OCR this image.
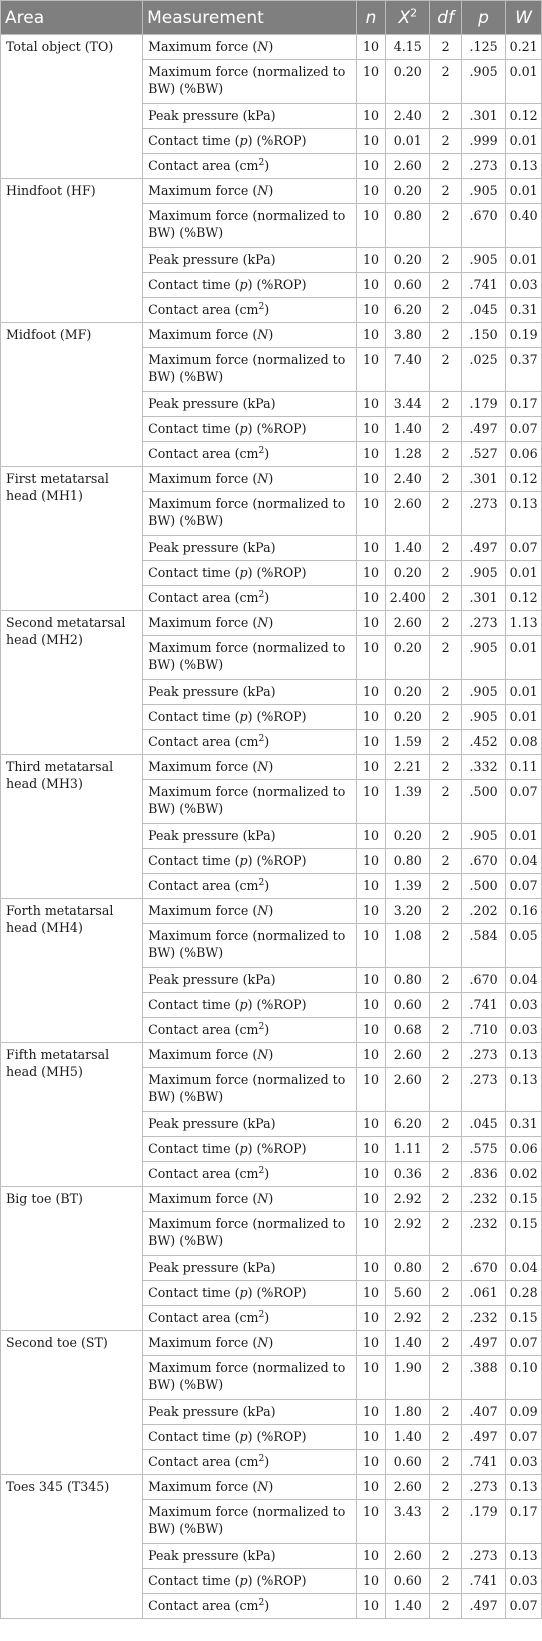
Area	Measurement	n	$X^2$	df	p	W
Total object (TO)	Maximum force (N)	10	4.15	2	.125	0.21
	Maximum force (normalized to BW) (%BW)	10	0.20	2	.905	0.01
	Peak pressure (kPa)	10	2.40	2	.301	0.12
	Contact time (p) (%ROP)	10	0.01	2	.999	0.01
	Contact area $(cm^2)$	10	2.60	2	.273	0.13
Hindfoot (HF)	Maximum force (N)	10	0.20	2	.905	0.01
	Maximum force (normalized to BW) (%BW)	10	0.80	2	.670	0.40
	Peak pressure (kPa)	10	0.20	2	.905	0.01
	Contact time (p) (%ROP)	10	0.60	2	.741	0.03
	Contact area $(cm^2)$	10	6.20	2	.045	0.31
Midfoot (MF)	Maximum force (N)	10	3.80	2	.150	0.19
	Maximum force (normalized to BW) (%BW)	10	7.40	2	.025	0.37
	Peak pressure (kPa)	10	3.44	2	.179	0.17
	Contact time (p) (%ROP)	10	1.40	2	.497	0.07
	Contact area $(cm^2)$	10	1.28	2	.527	0.06
First metatarsal head (MH1)	Maximum force (N)	10	2.40	2	.301	0.12
	Maximum force (normalized to BW) (%BW)	10	2.60	2	.273	0.13
	Peak pressure (kPa)	10	1.40	2	.497	0.07
	Contact time (p) (%ROP)	10	0.20	2	.905	0.01
	Contact area $(cm^2)$	10	2.400	2	.301	0.12
Second metatarsal head (MH2)	Maximum force (N)	10	2.60	2	.273	1.13
	Maximum force (normalized to BW) (%BW)	10	0.20	2	.905	0.01
	Peak pressure (kPa)	10	0.20	2	.905	0.01
	Contact time (p) (%ROP)	10	0.20	2	.905	0.01
	Contact area $(cm^2)$	10	1.59	2	.452	0.08
Third metatarsal head (MH3)	Maximum force (N)	10	2.21	2	.332	0.11
	Maximum force (normalized to BW) (%BW)	10	1.39	2	.500	0.07
	Peak pressure (kPa)	10	0.20	2	.905	0.01
	Contact time (p) (%ROP)	10	0.80	2	.670	0.04
	Contact area $(cm^2)$	10	1.39	2	.500	0.07
Forth metatarsal head (MH4)	Maximum force (N)	10	3.20	2	.202	0.16
	Maximum force (normalized to BW) (%BW)	10	1.08	2	.584	0.05
	Peak pressure (kPa)	10	0.80	2	.670	0.04
	Contact time (p) (%ROP)	10	0.60	2	.741	0.03
	Contact area $(cm^2)$	10	0.68	2	.710	0.03
Fifth metatarsal head (MH5)	Maximum force (N)	10	2.60	2	.273	0.13
	Maximum force (normalized to BW) (%BW)	10	2.60	2	.273	0.13
	Peak pressure (kPa)	10	6.20	2	.045	0.31
	Contact time (p) (%ROP)	10	1.11	2	.575	0.06
	Contact area $(cm^2)$	10	0.36	2	.836	0.02
Big toe (BT)	Maximum force (N)	10	2.92	2	.232	0.15
	Maximum force (normalized to BW) (%BW)	10	2.92	2	.232	0.15
	Peak pressure (kPa)	10	0.80	2	.670	0.04
	Contact time (p) (%ROP)	10	5.60	2	.061	0.28
	Contact area $(cm^2)$	10	2.92	2	.232	0.15
Second toe (ST)	Maximum force (N)	10	1.40	2	.497	0.07
	Maximum force (normalized to BW) (%BW)	10	1.90	2	.388	0.10
	Peak pressure (kPa)	10	1.80	2	.407	0.09
	Contact time (p) (%ROP)	10	1.40	2	.497	0.07
	Contact area $(cm^2)$	10	0.60	2	.741	0.03
Toes 345 (T345)	Maximum force (N)	10	2.60	2	.273	0.13
	Maximum force (normalized to BW) (%BW)	10	3.43	2	.179	0.17
	Peak pressure (kPa)	10	2.60	2	.273	0.13
	Contact time (p) (%ROP)	10	0.60	2	.741	0.03
	Contact area $(cm^2)$	10	1.40	2	.497	0.07
